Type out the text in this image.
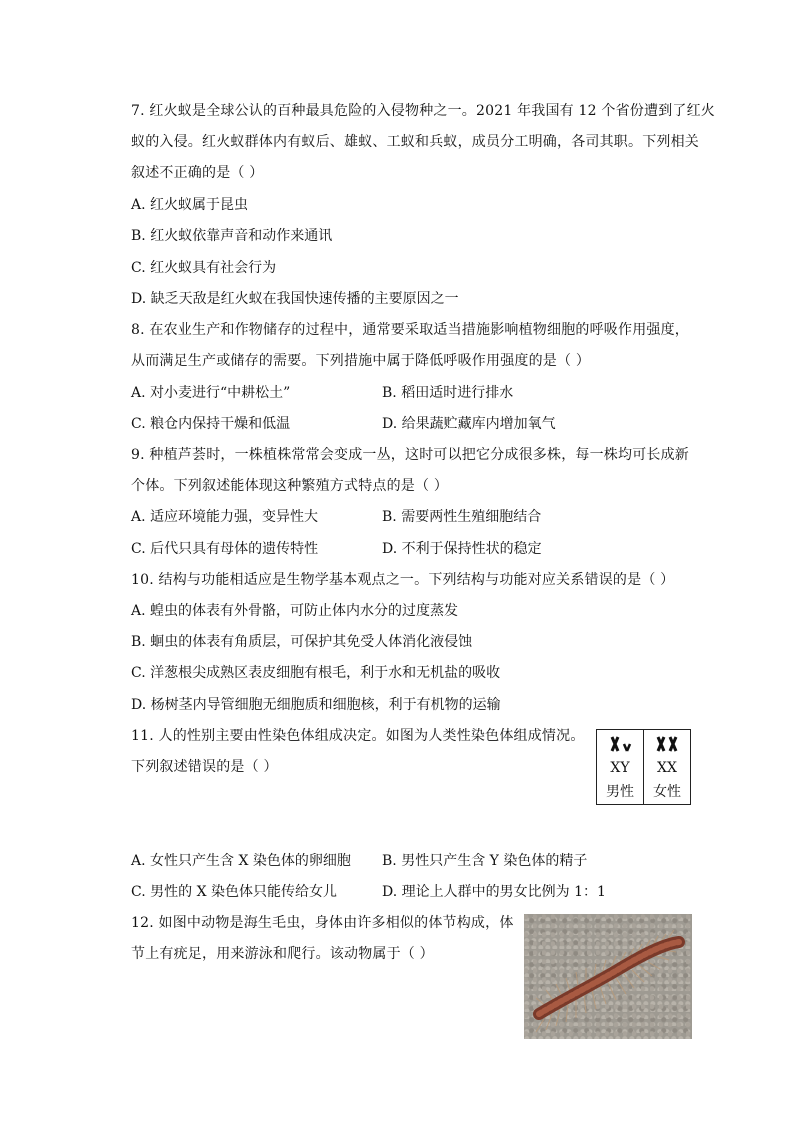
7. 红火蚁是全球公认的百种最具危险的入侵物种之一。2021 年我国有 12 个省份遭到了红火
蚁的入侵。红火蚁群体内有蚁后、雄蚁、工蚁和兵蚁，成员分工明确，各司其职。下列相关
叙述不正确的是（ ）
A. 红火蚁属于昆虫
B. 红火蚁依靠声音和动作来通讯
C. 红火蚁具有社会行为
D. 缺乏天敌是红火蚁在我国快速传播的主要原因之一
8. 在农业生产和作物储存的过程中，通常要采取适当措施影响植物细胞的呼吸作用强度，
从而满足生产或储存的需要。下列措施中属于降低呼吸作用强度的是（ ）
A. 对小麦进行“中耕松土”	B. 稻田适时进行排水
C. 粮仓内保持干燥和低温	D. 给果蔬贮藏库内增加氧气
9. 种植芦荟时，一株植株常常会变成一丛，这时可以把它分成很多株，每一株均可长成新
个体。下列叙述能体现这种繁殖方式特点的是（ ）
A. 适应环境能力强，变异性大	B. 需要两性生殖细胞结合
C. 后代只具有母体的遗传特性	D. 不利于保持性状的稳定
10. 结构与功能相适应是生物学基本观点之一。下列结构与功能对应关系错误的是（ ）
A. 蝗虫的体表有外骨骼，可防止体内水分的过度蒸发
B. 蛔虫的体表有角质层，可保护其免受人体消化液侵蚀
C. 洋葱根尖成熟区表皮细胞有根毛，利于水和无机盐的吸收
D. 杨树茎内导管细胞无细胞质和细胞核，利于有机物的运输
11. 人的性别主要由性染色体组成决定。如图为人类性染色体组成情况。
下列叙述错误的是（ ）	XY
男性
XX
女性
A. 女性只产生含 X 染色体的卵细胞 B. 男性只产生含 Y 染色体的精子
C. 男性的 X 染色体只能传给女儿	D. 理论上人群中的男女比例为 1：1
12. 如图中动物是海生毛虫，身体由许多相似的体节构成，体
节上有疣足，用来游泳和爬行。该动物属于（ ）
